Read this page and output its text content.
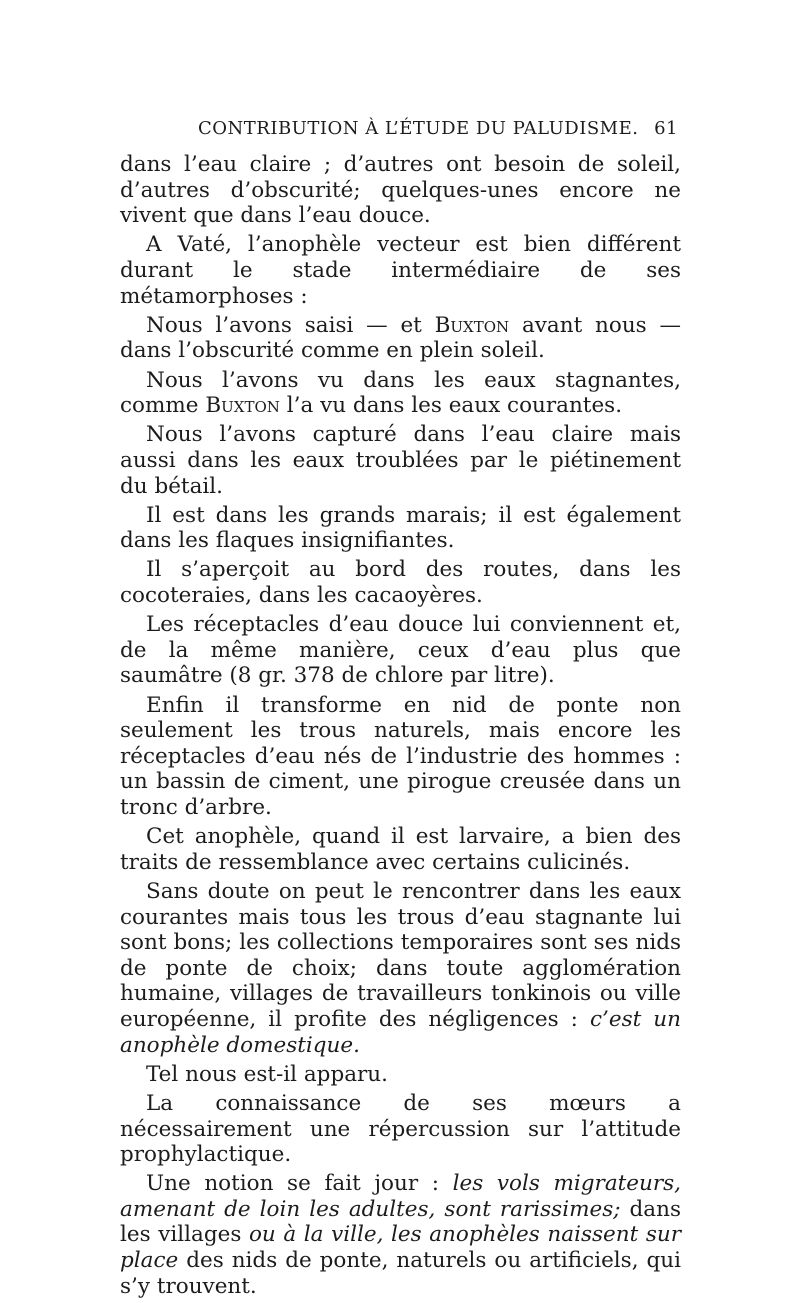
CONTRIBUTION À L’ÉTUDE DU PALUDISME. 61

dans l’eau claire ; d’autres ont besoin de soleil, d’autres d’obscurité; quelques-unes encore ne vivent que dans l’eau douce.

A Vaté, l’anophèle vecteur est bien différent durant le stade intermédiaire de ses métamorphoses :

Nous l’avons saisi — et Buxton avant nous — dans l’obscurité comme en plein soleil.

Nous l’avons vu dans les eaux stagnantes, comme Buxton l’a vu dans les eaux courantes.

Nous l’avons capturé dans l’eau claire mais aussi dans les eaux troublées par le piétinement du bétail.

Il est dans les grands marais; il est également dans les flaques insignifiantes.

Il s’aperçoit au bord des routes, dans les cocoteraies, dans les cacaoyères.

Les réceptacles d’eau douce lui conviennent et, de la même manière, ceux d’eau plus que saumâtre (8 gr. 378 de chlore par litre).

Enfin il transforme en nid de ponte non seulement les trous naturels, mais encore les réceptacles d’eau nés de l’industrie des hommes : un bassin de ciment, une pirogue creusée dans un tronc d’arbre.

Cet anophèle, quand il est larvaire, a bien des traits de ressemblance avec certains culicinés.

Sans doute on peut le rencontrer dans les eaux courantes mais tous les trous d’eau stagnante lui sont bons; les collections temporaires sont ses nids de ponte de choix; dans toute agglomération humaine, villages de travailleurs tonkinois ou ville européenne, il profite des négligences : c’est un anophèle domestique.

Tel nous est-il apparu.

La connaissance de ses mœurs a nécessairement une répercussion sur l’attitude prophylactique.

Une notion se fait jour : les vols migrateurs, amenant de loin les adultes, sont rarissimes; dans les villages ou à la ville, les anophèles naissent sur place des nids de ponte, naturels ou artificiels, qui s’y trouvent.
